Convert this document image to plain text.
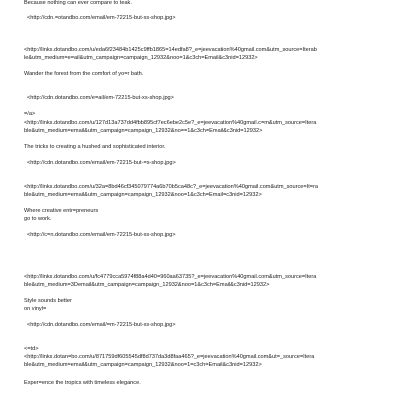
Because nothing can ever compare to teak.
<http://cdn.=otandbo.com/email/em-72215-but-xs-shop.jpg>
<http://links.dotandbo.com/u/eda6f23484b1425c9ffb1865=14edfa8?_e=jeevacation%40gmail.com&utm_source=Iterab
le&utm_medium=e=ail&utm_campaign=campaign_12932&noo=1&c3ch=Email&c3nid=12932>
Wander the forest from the comfort of yo=r bath.
<http://cdn.dotandbo.com/e=ail/em-72215-but-xs-shop.jpg>
=/a>
<http://links.dotandbo.com/u/127d13a737dd4fbb895cf7ec6ebe2c5e?_e=jeevacation%40gmail.c=m&utm_source=Itera
ble&utm_medium=email&utm_campaign=campaign_12932&no==1&c3ch=Email&c3nid=12932>
The tricks to creating a hushed and sophisticated interior.
<http://cdn.dotandbo.com/email/em-72215-but-=s-shop.jpg>
<http://links.dotandbo.com/u/32a=8bd46cf345079774a6b70b5ca48c?_e=jeevacation%40gmail.com&utm_source=It=ra
ble&utm_medium=email&utm_campaign=campaign_12932&noo=1&c3ch=Email=c3nid=12932>
Where creative entr=preneurs
go to work.
<http://c=n.dotandbo.com/email/em-72215-but-xs-shop.jpg>
<http://links.dotandbo.com/u/fc4779cca5974f88a4d40=960aa63735?_e=jeevacation%40gmail.com&utm_source=Itera
ble&utm_medium=3Demail&utm_campaign=campaign_12932&noo=1&c3ch=Email&c3nid=12932>
Style sounds better
on vinyl=
<http://cdn.dotandbo.com/email/=m-72215-but-xs-shop.jpg>
<=td>
<http://links.dotan=bo.com/u/871759df605545df8d737da3d8faa465?_e=jeevacation%40gmail.com&ut=_source=Itera
ble&utm_medium=email&utm_campaign=campaign_12932&noo=1=c3ch=Email&c3nid=12932>
Exper=ence the tropics with timeless elegance.
